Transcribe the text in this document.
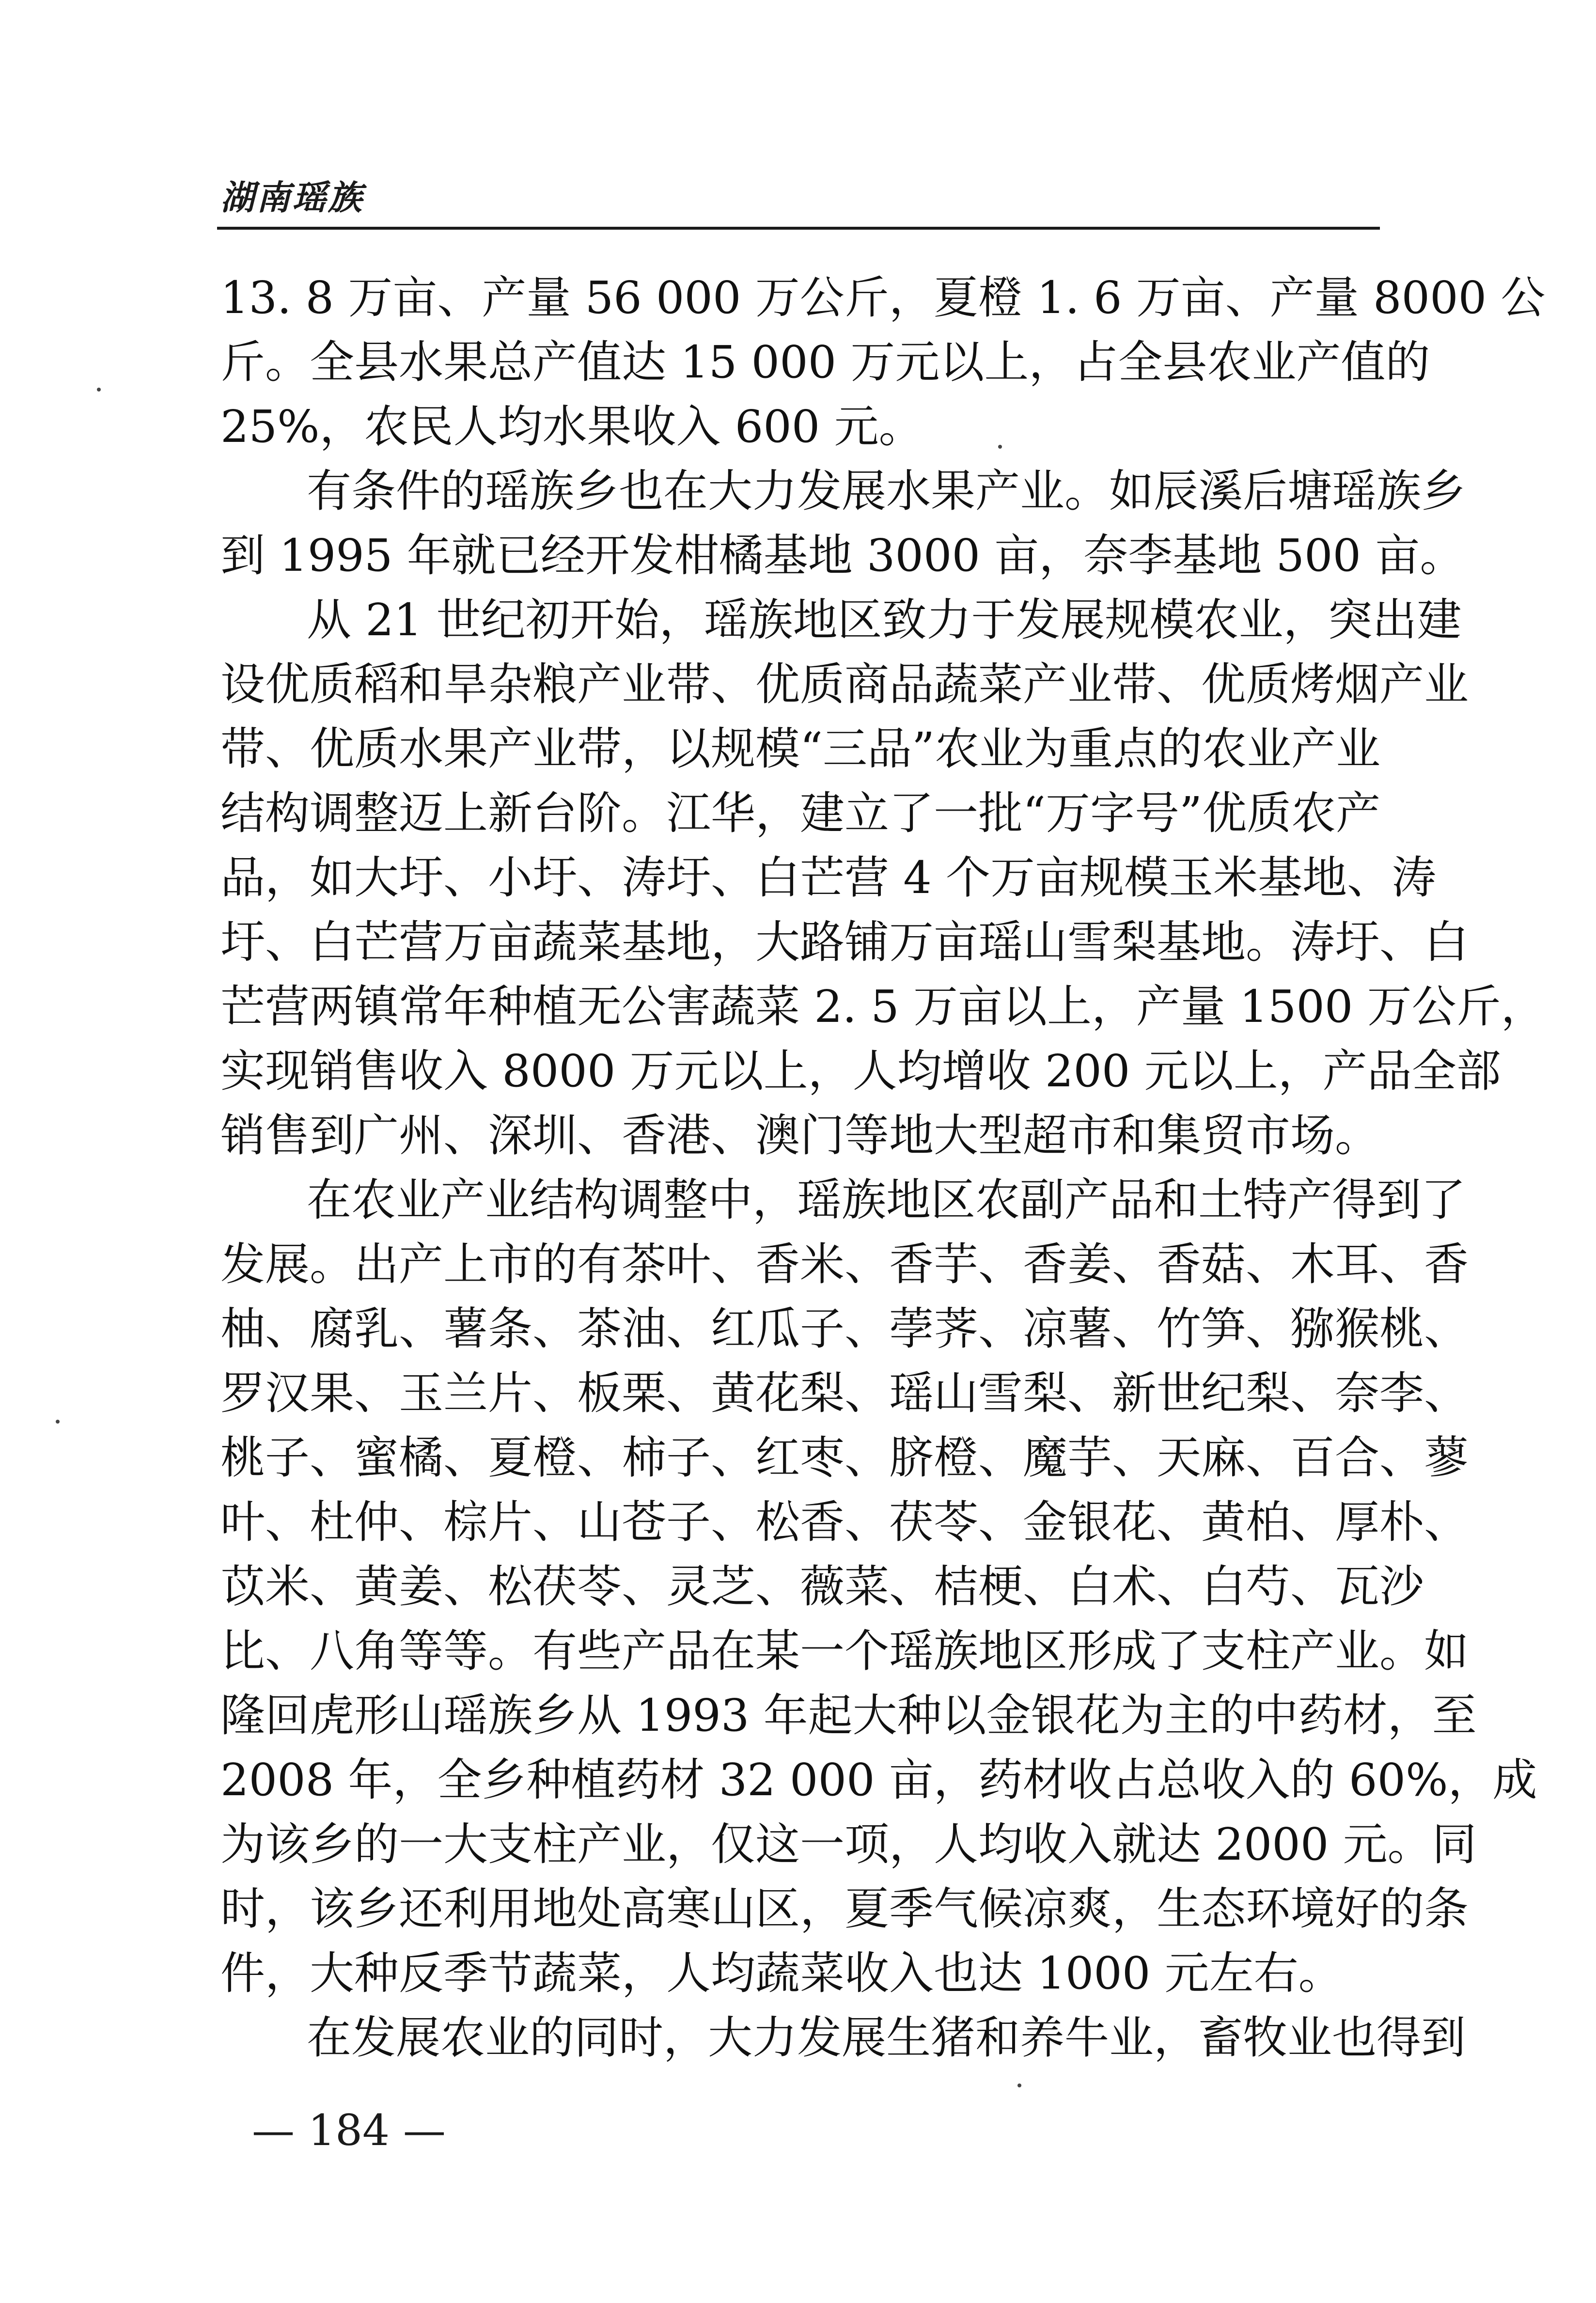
湖南瑶族
13. 8 万亩、产量 56 000 万公斤，夏橙 1. 6 万亩、产量 8000 公
斤。全县水果总产值达 15 000 万元以上，占全县农业产值的
25%，农民人均水果收入 600 元。
有条件的瑶族乡也在大力发展水果产业。如辰溪后塘瑶族乡
到 1995 年就已经开发柑橘基地 3000 亩，奈李基地 500 亩。
从 21 世纪初开始，瑶族地区致力于发展规模农业，突出建
设优质稻和旱杂粮产业带、优质商品蔬菜产业带、优质烤烟产业
带、优质水果产业带，以规模“三品”农业为重点的农业产业
结构调整迈上新台阶。江华，建立了一批“万字号”优质农产
品，如大圩、小圩、涛圩、白芒营 4 个万亩规模玉米基地、涛
圩、白芒营万亩蔬菜基地，大路铺万亩瑶山雪梨基地。涛圩、白
芒营两镇常年种植无公害蔬菜 2. 5 万亩以上，产量 1500 万公斤，
实现销售收入 8000 万元以上，人均增收 200 元以上，产品全部
销售到广州、深圳、香港、澳门等地大型超市和集贸市场。
在农业产业结构调整中，瑶族地区农副产品和土特产得到了
发展。出产上市的有茶叶、香米、香芋、香姜、香菇、木耳、香
柚、腐乳、薯条、茶油、红瓜子、荸荠、凉薯、竹笋、猕猴桃、
罗汉果、玉兰片、板栗、黄花梨、瑶山雪梨、新世纪梨、奈李、
桃子、蜜橘、夏橙、柿子、红枣、脐橙、魔芋、天麻、百合、蓼
叶、杜仲、棕片、山苍子、松香、茯苓、金银花、黄柏、厚朴、
苡米、黄姜、松茯苓、灵芝、薇菜、桔梗、白术、白芍、瓦沙
比、八角等等。有些产品在某一个瑶族地区形成了支柱产业。如
隆回虎形山瑶族乡从 1993 年起大种以金银花为主的中药材，至
2008 年，全乡种植药材 32 000 亩，药材收占总收入的 60%，成
为该乡的一大支柱产业，仅这一项，人均收入就达 2000 元。同
时，该乡还利用地处高寒山区，夏季气候凉爽，生态环境好的条
件，大种反季节蔬菜，人均蔬菜收入也达 1000 元左右。
在发展农业的同时，大力发展生猪和养牛业，畜牧业也得到
— 184 —
